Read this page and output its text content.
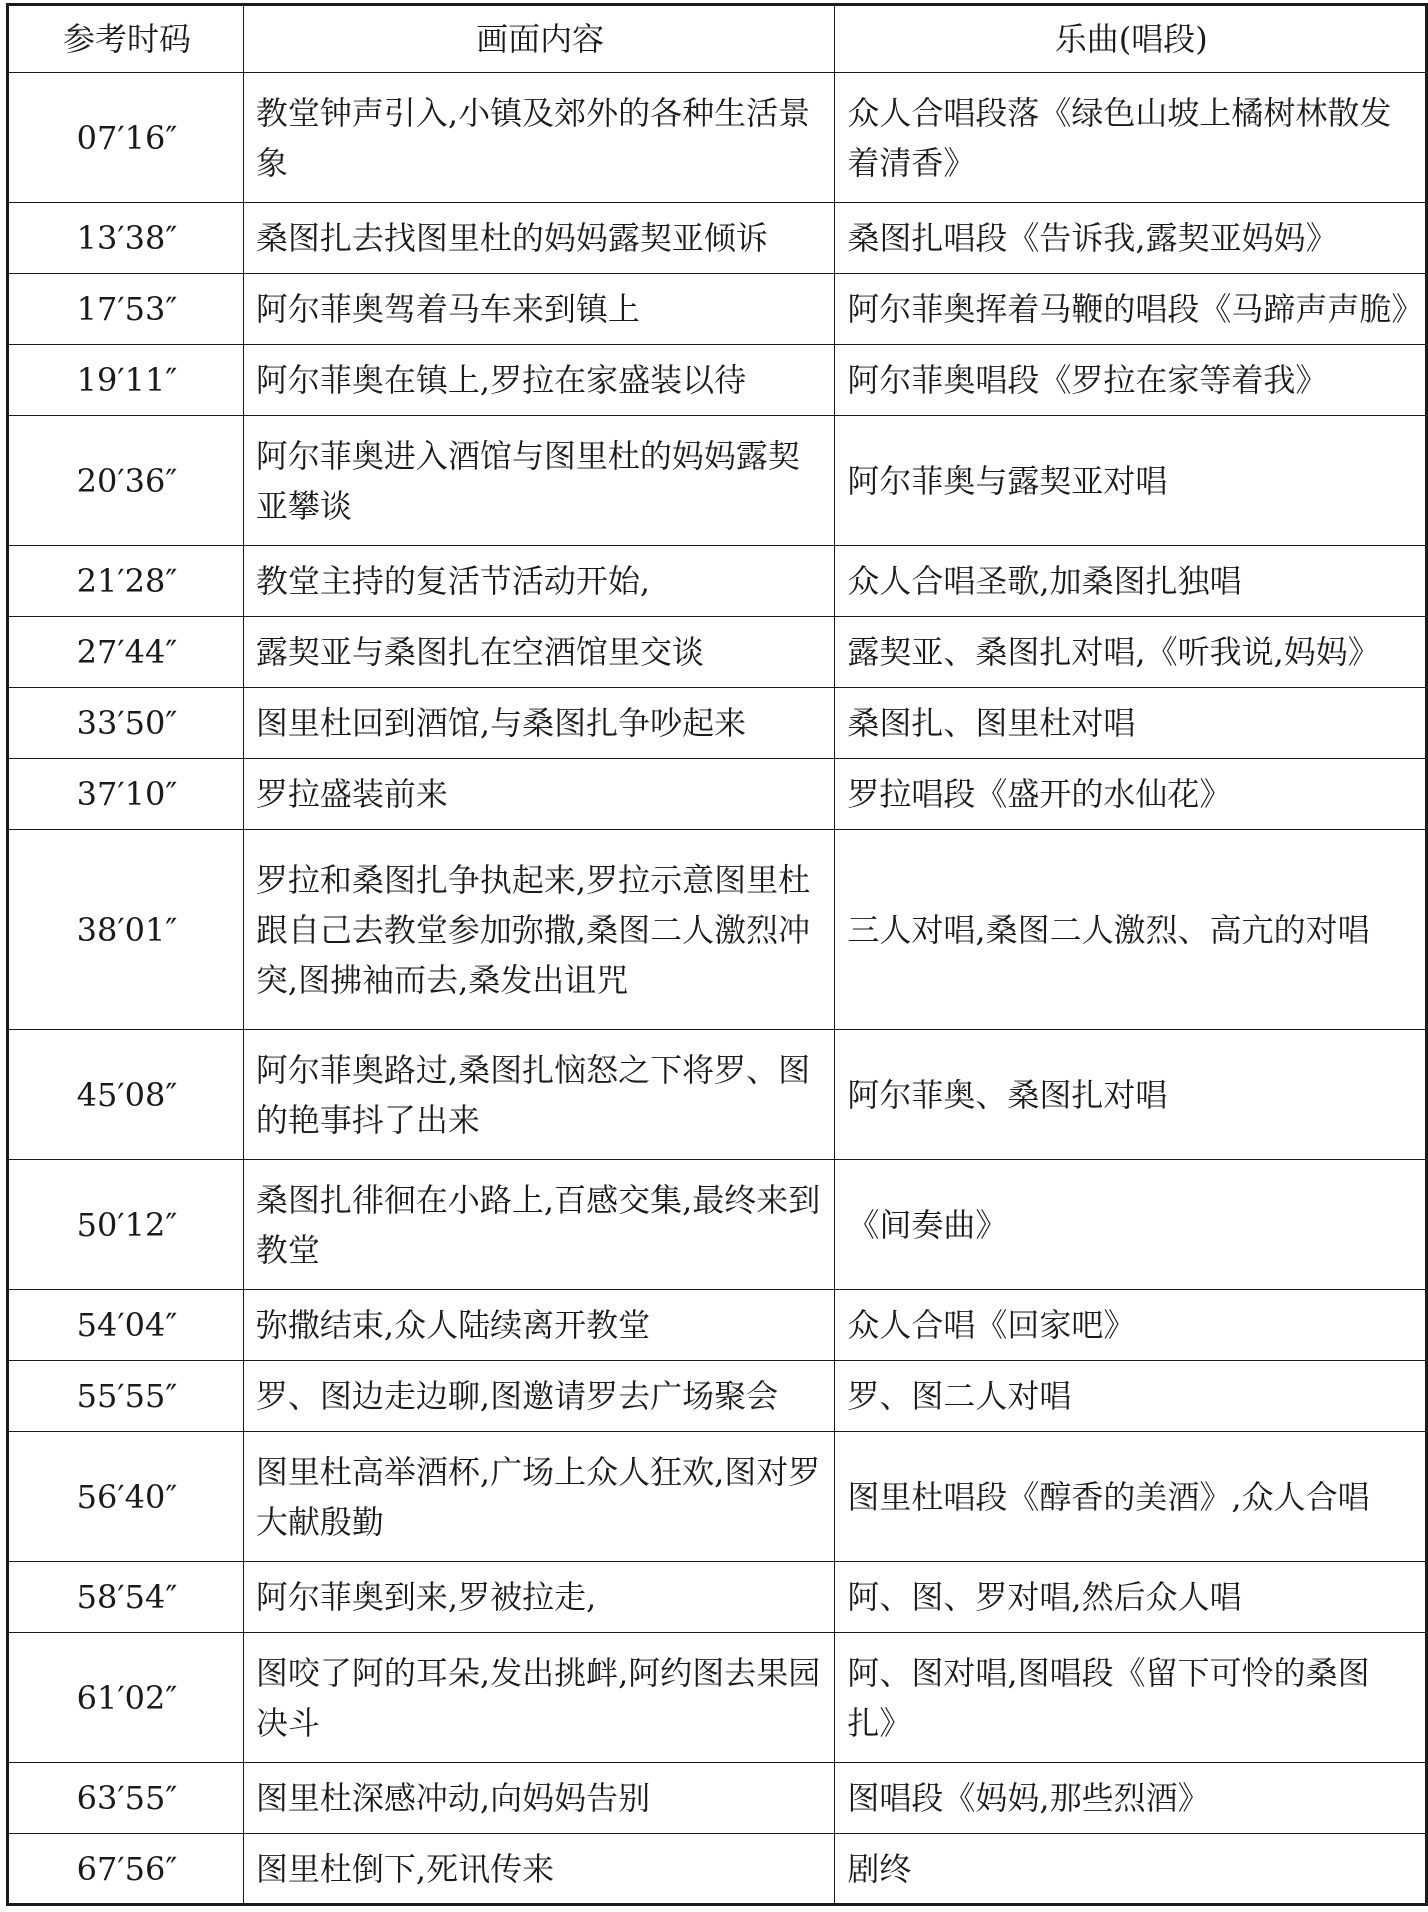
参考时码	画面内容	乐曲(唱段)
07′16″	教堂钟声引入,小镇及郊外的各种生活景象	众人合唱段落《绿色山坡上橘树林散发着清香》
13′38″	桑图扎去找图里杜的妈妈露契亚倾诉	桑图扎唱段《告诉我,露契亚妈妈》
17′53″	阿尔菲奥驾着马车来到镇上	阿尔菲奥挥着马鞭的唱段《马蹄声声脆》
19′11″	阿尔菲奥在镇上,罗拉在家盛装以待	阿尔菲奥唱段《罗拉在家等着我》
20′36″	阿尔菲奥进入酒馆与图里杜的妈妈露契亚攀谈	阿尔菲奥与露契亚对唱
21′28″	教堂主持的复活节活动开始,	众人合唱圣歌,加桑图扎独唱
27′44″	露契亚与桑图扎在空酒馆里交谈	露契亚、桑图扎对唱,《听我说,妈妈》
33′50″	图里杜回到酒馆,与桑图扎争吵起来	桑图扎、图里杜对唱
37′10″	罗拉盛装前来	罗拉唱段《盛开的水仙花》
38′01″	罗拉和桑图扎争执起来,罗拉示意图里杜跟自己去教堂参加弥撒,桑图二人激烈冲突,图拂袖而去,桑发出诅咒	三人对唱,桑图二人激烈、高亢的对唱
45′08″	阿尔菲奥路过,桑图扎恼怒之下将罗、图的艳事抖了出来	阿尔菲奥、桑图扎对唱
50′12″	桑图扎徘徊在小路上,百感交集,最终来到教堂	《间奏曲》
54′04″	弥撒结束,众人陆续离开教堂	众人合唱《回家吧》
55′55″	罗、图边走边聊,图邀请罗去广场聚会	罗、图二人对唱
56′40″	图里杜高举酒杯,广场上众人狂欢,图对罗大献殷勤	图里杜唱段《醇香的美酒》,众人合唱
58′54″	阿尔菲奥到来,罗被拉走,	阿、图、罗对唱,然后众人唱
61′02″	图咬了阿的耳朵,发出挑衅,阿约图去果园决斗	阿、图对唱,图唱段《留下可怜的桑图扎》
63′55″	图里杜深感冲动,向妈妈告别	图唱段《妈妈,那些烈酒》
67′56″	图里杜倒下,死讯传来	剧终
